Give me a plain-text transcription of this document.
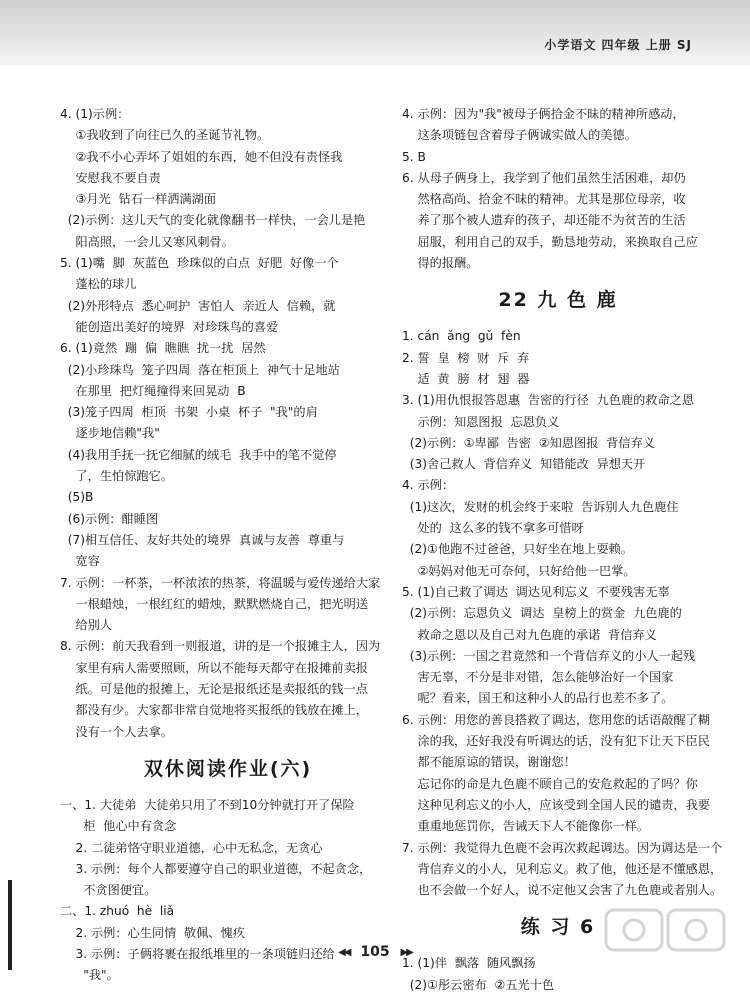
小学语文 四年级 上册 SJ
4. (1)示例：
①我收到了向往已久的圣诞节礼物。
②我不小心弄坏了姐姐的东西，她不但没有责怪我
安慰我不要自责
③月光  钻石一样洒满湖面
(2)示例：这儿天气的变化就像翻书一样快，一会儿是艳
阳高照，一会儿又寒风刺骨。
5. (1)嘴  脚  灰蓝色  珍珠似的白点  好肥  好像一个
蓬松的球儿
(2)外形特点  悉心呵护  害怕人  亲近人  信赖，就
能创造出美好的境界  对珍珠鸟的喜爱
6. (1)竟然  蹦  偏  瞧瞧  扰一扰  居然
(2)小珍珠鸟  笼子四周  落在柜顶上  神气十足地站
在那里  把灯绳撞得来回晃动  B
(3)笼子四周  柜顶  书架  小桌  杯子  "我"的肩
逐步地信赖"我"
(4)我用手抚一抚它细腻的绒毛  我手中的笔不觉停
了，生怕惊跑它。
(5)B
(6)示例：酣睡图
(7)相互信任、友好共处的境界  真诚与友善  尊重与
宽容
7. 示例：一杯茶，一杯浓浓的热茶，将温暖与爱传递给大家
一根蜡烛，一根红红的蜡烛，默默燃烧自己，把光明送
给别人
8. 示例：前天我看到一则报道，讲的是一个报摊主人，因为
家里有病人需要照顾，所以不能每天都守在报摊前卖报
纸。可是他的报摊上，无论是报纸还是卖报纸的钱一点
都没有少。大家都非常自觉地将买报纸的钱放在摊上，
没有一个人去拿。
双休阅读作业(六)
一、1. 大徒弟  大徒弟只用了不到10分钟就打开了保险
柜  他心中有贪念
2. 二徒弟恪守职业道德，心中无私念，无贪心
3. 示例：每个人都要遵守自己的职业道德，不起贪念，
不贪图便宜。
二、1. zhuó  hè  liǎ
2. 示例：心生同情  敬佩、愧疚
3. 示例：子俩将裹在报纸堆里的一条项链归还给
"我"。
4. 示例：因为"我"被母子俩拾金不昧的精神所感动，
这条项链包含着母子俩诚实做人的美德。
5. B
6. 从母子俩身上，我学到了他们虽然生活困难，却仍
然格高尚、拾金不昧的精神。尤其是那位母亲，收
养了那个被人遗弃的孩子，却还能不为贫苦的生活
屈服，利用自己的双手，勤恳地劳动，来换取自己应
得的报酬。
22 九 色 鹿
1. cán  ǎng  gǔ  fèn
2. 誓  皇  榜  财  斥  弃
适  黄  膀  材  翅  器
3. (1)用仇恨报答恩惠  告密的行径  九色鹿的救命之恩
示例：知恩图报  忘恩负义
(2)示例：①卑鄙  告密  ②知恩图报  背信弃义
(3)舍己救人  背信弃义  知错能改  异想天开
4. 示例：
(1)这次，发财的机会终于来啦  告诉别人九色鹿住
处的  这么多的钱不拿多可惜呀
(2)①他跑不过爸爸，只好坐在地上耍赖。
②妈妈对他无可奈何，只好给他一巴掌。
5. (1)自己救了调达  调达见利忘义  不要残害无辜
(2)示例：忘恩负义  调达  皇榜上的赏金  九色鹿的
救命之恩以及自己对九色鹿的承诺  背信弃义
(3)示例：一国之君竟然和一个背信弃义的小人一起残
害无辜，不分是非对错，怎么能够治好一个国家
呢？看来，国王和这种小人的品行也差不多了。
6. 示例：用您的善良搭救了调达，您用您的话语敲醒了糊
涂的我，还好我没有听调达的话，没有犯下让天下臣民
都不能原谅的错误，谢谢您！
忘记你的命是九色鹿不顾自己的安危救起的了吗？你
这种见利忘义的小人，应该受到全国人民的谴责，我要
重重地惩罚你，告诫天下人不能像你一样。
7. 示例：我觉得九色鹿不会再次救起调达。因为调达是一个
背信弃义的小人，见利忘义。救了他，他还是不懂感恩，
也不会做一个好人，说不定他又会害了九色鹿或者别人。
练 习 6
1. (1)伴  飘落  随风飘扬
(2)①彤云密布  ②五光十色
◀◀ 105 ▶▶
